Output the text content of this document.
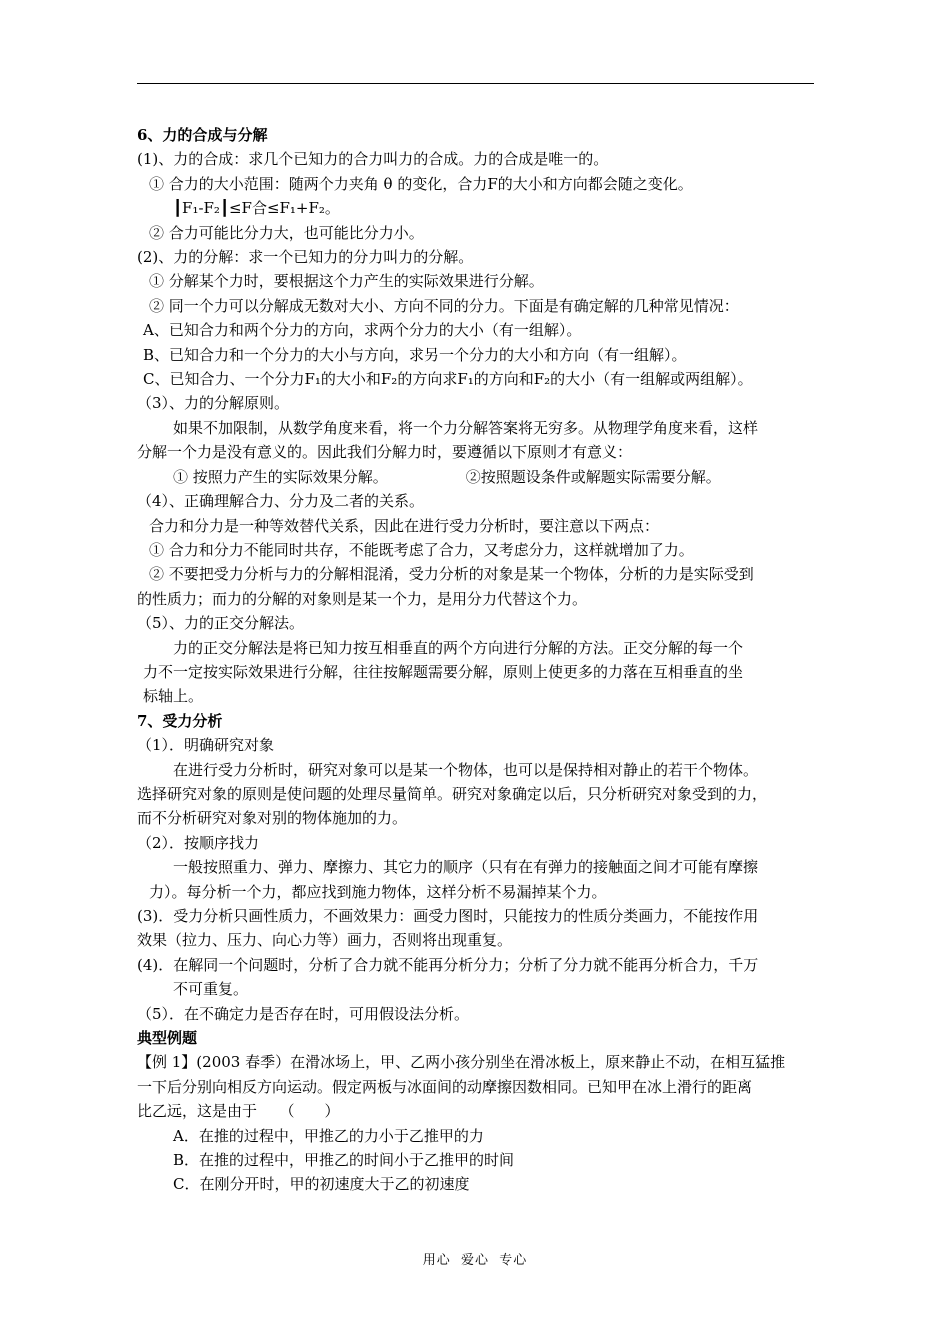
6、力的合成与分解
(1)、力的合成：求几个已知力的合力叫力的合成。力的合成是唯一的。
① 合力的大小范围：随两个力夹角 θ 的变化，合力F的大小和方向都会随之变化。
┃F₁-F₂┃≤F合≤F₁+F₂。
② 合力可能比分力大，也可能比分力小。
(2)、力的分解：求一个已知力的分力叫力的分解。
① 分解某个力时，要根据这个力产生的实际效果进行分解。
② 同一个力可以分解成无数对大小、方向不同的分力。下面是有确定解的几种常见情况：
A、已知合力和两个分力的方向，求两个分力的大小（有一组解）。
B、已知合力和一个分力的大小与方向，求另一个分力的大小和方向（有一组解）。
C、已知合力、一个分力F₁的大小和F₂的方向求F₁的方向和F₂的大小（有一组解或两组解）。
（3）、力的分解原则。
如果不加限制，从数学角度来看，将一个力分解答案将无穷多。从物理学角度来看，这样
分解一个力是没有意义的。因此我们分解力时，要遵循以下原则才有意义：
① 按照力产生的实际效果分解。	②按照题设条件或解题实际需要分解。
（4）、正确理解合力、分力及二者的关系。
合力和分力是一种等效替代关系，因此在进行受力分析时，要注意以下两点：
① 合力和分力不能同时共存，不能既考虑了合力，又考虑分力，这样就增加了力。
② 不要把受力分析与力的分解相混淆，受力分析的对象是某一个物体，分析的力是实际受到
的性质力；而力的分解的对象则是某一个力，是用分力代替这个力。
（5）、力的正交分解法。
力的正交分解法是将已知力按互相垂直的两个方向进行分解的方法。正交分解的每一个
力不一定按实际效果进行分解，往往按解题需要分解，原则上使更多的力落在互相垂直的坐
标轴上。
7、受力分析
（1）．明确研究对象
在进行受力分析时，研究对象可以是某一个物体，也可以是保持相对静止的若干个物体。
选择研究对象的原则是使问题的处理尽量简单。研究对象确定以后，只分析研究对象受到的力，
而不分析研究对象对别的物体施加的力。
（2）．按顺序找力
一般按照重力、弹力、摩擦力、其它力的顺序（只有在有弹力的接触面之间才可能有摩擦
力）。每分析一个力，都应找到施力物体，这样分析不易漏掉某个力。
(3)．受力分析只画性质力，不画效果力：画受力图时，只能按力的性质分类画力，不能按作用
效果（拉力、压力、向心力等）画力，否则将出现重复。
(4)．在解同一个问题时，分析了合力就不能再分析分力；分析了分力就不能再分析合力，千万
不可重复。
（5）．在不确定力是否存在时，可用假设法分析。
典型例题
【例 1】(2003 春季）在滑冰场上，甲、乙两小孩分别坐在滑冰板上，原来静止不动，在相互猛推
一下后分别向相反方向运动。假定两板与冰面间的动摩擦因数相同。已知甲在冰上滑行的距离
比乙远，这是由于　　（　　）
A．在推的过程中，甲推乙的力小于乙推甲的力
B．在推的过程中，甲推乙的时间小于乙推甲的时间
C．在刚分开时，甲的初速度大于乙的初速度
用心  爱心  专心
